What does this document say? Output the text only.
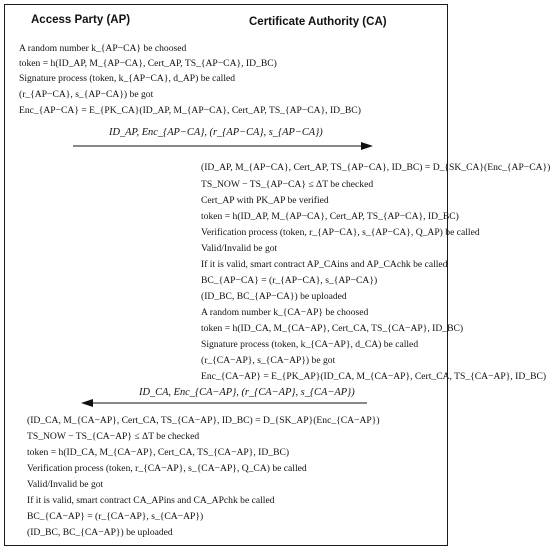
Access Party (AP)	Certificate Authority (CA)
A random number k_{AP−CA} be choosed
token = h(ID_AP, M_{AP−CA}, Cert_AP, TS_{AP−CA}, ID_BC)
Signature process (token, k_{AP−CA}, d_AP) be called
(r_{AP−CA}, s_{AP−CA}) be got
Enc_{AP−CA} = E_{PK_CA}(ID_AP, M_{AP−CA}, Cert_AP, TS_{AP−CA}, ID_BC)
ID_AP, Enc_{AP−CA}, (r_{AP−CA}, s_{AP−CA})
(ID_AP, M_{AP−CA}, Cert_AP, TS_{AP−CA}, ID_BC) = D_{SK_CA}(Enc_{AP−CA})
TS_NOW − TS_{AP−CA} ≤ ΔT be checked
Cert_AP with PK_AP be verified
token = h(ID_AP, M_{AP−CA}, Cert_AP, TS_{AP−CA}, ID_BC)
Verification process (token, r_{AP−CA}, s_{AP−CA}, Q_AP) be called
Valid/Invalid be got
If it is valid, smart contract AP_CAins and AP_CAchk be called
BC_{AP−CA} = (r_{AP−CA}, s_{AP−CA})
(ID_BC, BC_{AP−CA}) be uploaded
A random number k_{CA−AP} be choosed
token = h(ID_CA, M_{CA−AP}, Cert_CA, TS_{CA−AP}, ID_BC)
Signature process (token, k_{CA−AP}, d_CA) be called
(r_{CA−AP}, s_{CA−AP}) be got
Enc_{CA−AP} = E_{PK_AP}(ID_CA, M_{CA−AP}, Cert_CA, TS_{CA−AP}, ID_BC)
ID_CA, Enc_{CA−AP}, (r_{CA−AP}, s_{CA−AP})
(ID_CA, M_{CA−AP}, Cert_CA, TS_{CA−AP}, ID_BC) = D_{SK_AP}(Enc_{CA−AP})
TS_NOW − TS_{CA−AP} ≤ ΔT be checked
token = h(ID_CA, M_{CA−AP}, Cert_CA, TS_{CA−AP}, ID_BC)
Verification process (token, r_{CA−AP}, s_{CA−AP}, Q_CA) be called
Valid/Invalid be got
If it is valid, smart contract CA_APins and CA_APchk be called
BC_{CA−AP} = (r_{CA−AP}, s_{CA−AP})
(ID_BC, BC_{CA−AP}) be uploaded
